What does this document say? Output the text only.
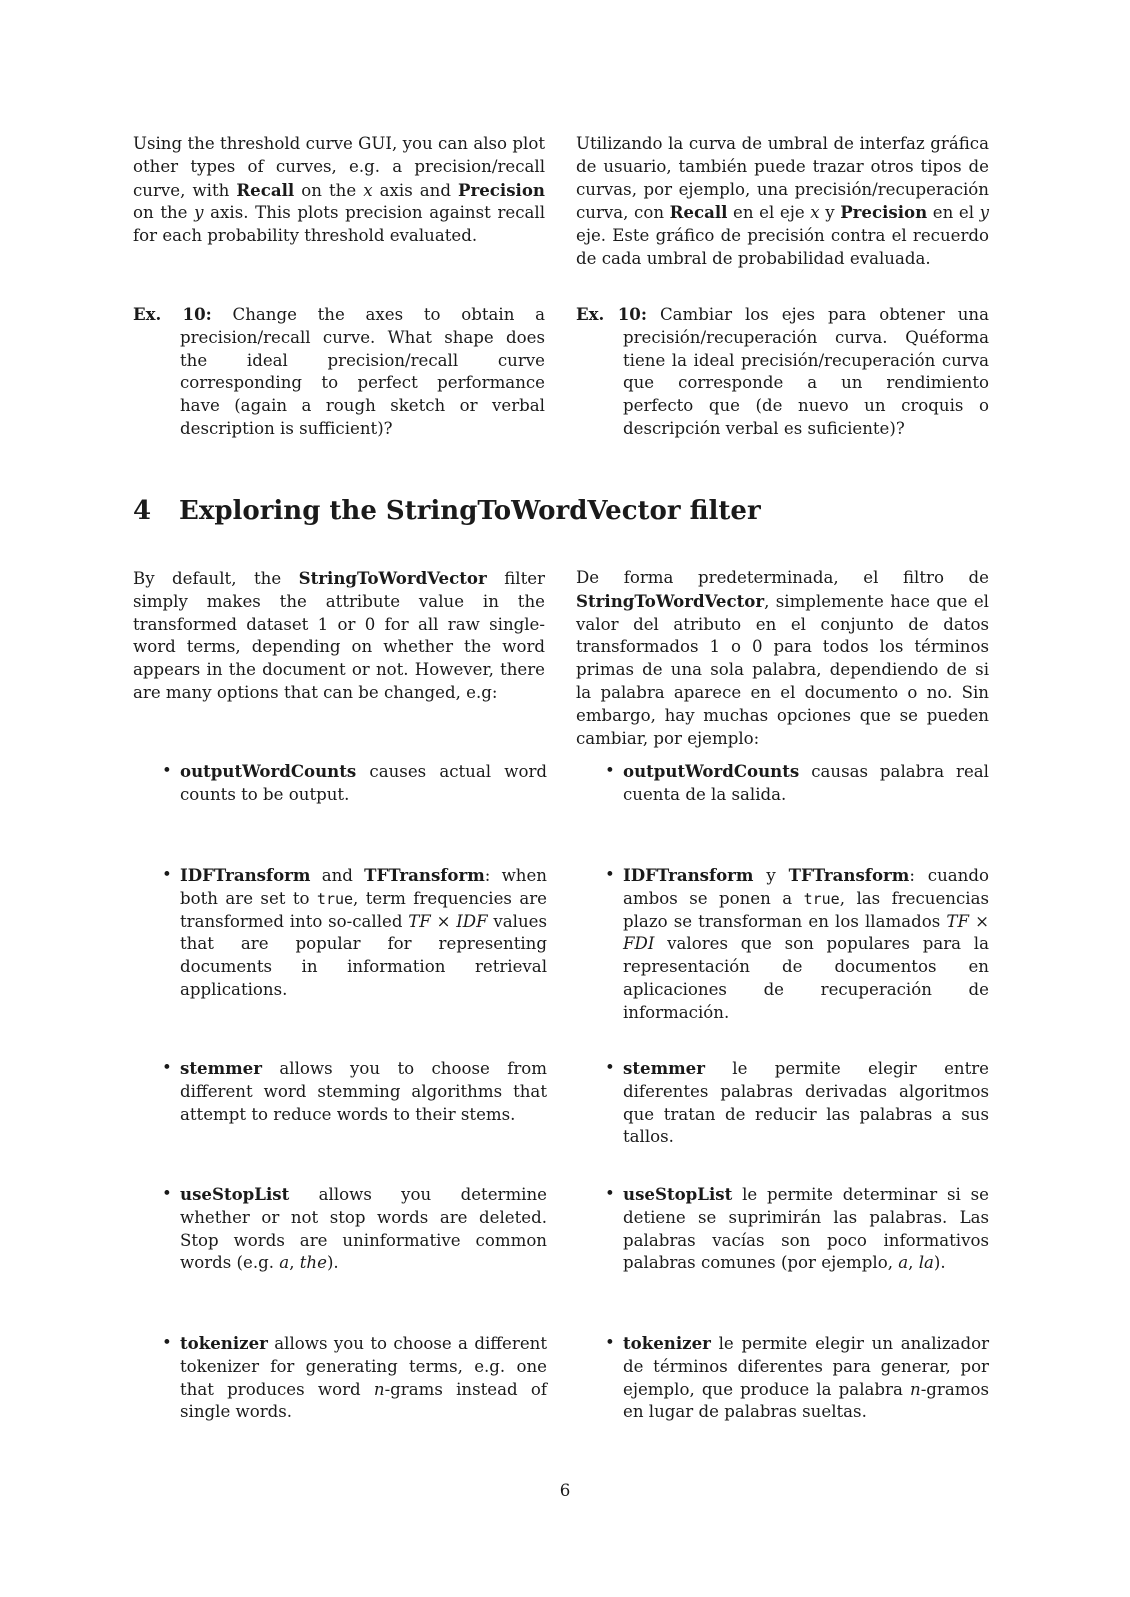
Using the threshold curve GUI, you can also plot other types of curves, e.g. a precision/recall curve, with Recall on the x axis and Precision on the y axis. This plots precision against recall for each probability threshold evaluated.

Utilizando la curva de umbral de interfaz gráfica de usuario, también puede trazar otros tipos de curvas, por ejemplo, una precisión/recuperación curva, con Recall en el eje x y Precision en el y eje. Este gráfico de precisión contra el recuerdo de cada umbral de probabilidad evaluada.

Ex. 10: Change the axes to obtain a precision/recall curve. What shape does the ideal precision/recall curve corresponding to perfect performance have (again a rough sketch or verbal description is sufficient)?

Ex. 10: Cambiar los ejes para obtener una precisión/recuperación curva. Quéforma tiene la ideal precisión/recuperación curva que corresponde a un rendimiento perfecto que (de nuevo un croquis o descripción verbal es suficiente)?

4 Exploring the StringToWordVector filter

By default, the StringToWordVector filter simply makes the attribute value in the transformed dataset 1 or 0 for all raw single-word terms, depending on whether the word appears in the document or not. However, there are many options that can be changed, e.g:

De forma predeterminada, el filtro de StringToWordVector, simplemente hace que el valor del atributo en el conjunto de datos transformados 1 o 0 para todos los términos primas de una sola palabra, dependiendo de si la palabra aparece en el documento o no. Sin embargo, hay muchas opciones que se pueden cambiar, por ejemplo:

• outputWordCounts causes actual word counts to be output.

• outputWordCounts causas palabra real cuenta de la salida.

• IDFTransform and TFTransform: when both are set to true, term frequencies are transformed into so-called TF × IDF values that are popular for representing documents in information retrieval applications.

• IDFTransform y TFTransform: cuando ambos se ponen a true, las frecuencias plazo se transforman en los llamados TF × FDI valores que son populares para la representación de documentos en aplicaciones de recuperación de información.

• stemmer allows you to choose from different word stemming algorithms that attempt to reduce words to their stems.

• stemmer le permite elegir entre diferentes palabras derivadas algoritmos que tratan de reducir las palabras a sus tallos.

• useStopList allows you determine whether or not stop words are deleted. Stop words are uninformative common words (e.g. a, the).

• useStopList le permite determinar si se detiene se suprimirán las palabras. Las palabras vacías son poco informativos palabras comunes (por ejemplo, a, la).

• tokenizer allows you to choose a different tokenizer for generating terms, e.g. one that produces word n-grams instead of single words.

• tokenizer le permite elegir un analizador de términos diferentes para generar, por ejemplo, que produce la palabra n-gramos en lugar de palabras sueltas.

6
